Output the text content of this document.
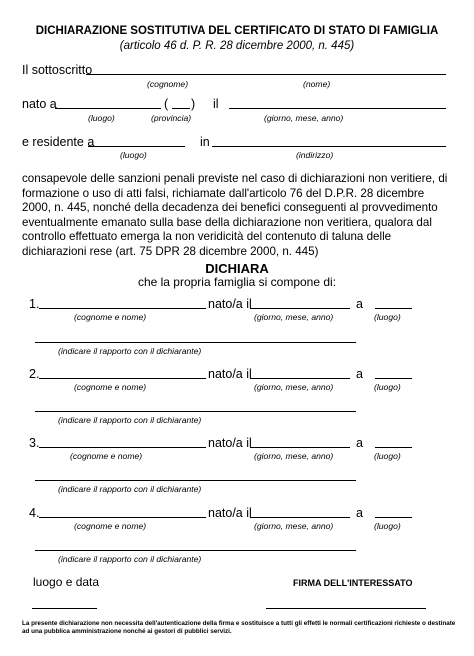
DICHIARAZIONE SOSTITUTIVA DEL CERTIFICATO DI STATO DI FAMIGLIA
(articolo 46 d. P. R. 28 dicembre 2000, n. 445)
Il sottoscritto
(cognome)	(nome)
nato a	( ) il
(luogo)	(provincia)	(giorno, mese, anno)
e residente a	in
(luogo)	(indirizzo)
consapevole delle sanzioni penali previste nel caso di dichiarazioni non veritiere, di formazione o uso di atti falsi, richiamate dall'articolo 76 del D.P.R. 28 dicembre 2000, n. 445, nonché della decadenza dei benefici conseguenti al provvedimento eventualmente emanato sulla base della dichiarazione non veritiera, qualora dal controllo effettuato emerga la non veridicità del contenuto di taluna delle dichiarazioni rese (art. 75 DPR 28 dicembre 2000, n. 445)
DICHIARA
che la propria famiglia si compone di:
1.	nato/a il	a
(cognome e nome)	(giorno, mese, anno)	(luogo)
(indicare il rapporto con il dichiarante)
2.	nato/a il	a
(cognome e nome)	(giorno, mese, anno)	(luogo)
(indicare il rapporto con il dichiarante)
3.	nato/a il	a
(cognome e nome)	(giorno, mese, anno)	(luogo)
(indicare il rapporto con il dichiarante)
4.	nato/a il	a
(cognome e nome)	(giorno, mese, anno)	(luogo)
(indicare il rapporto con il dichiarante)
luogo e data	FIRMA DELL'INTERESSATO
La presente dichiarazione non necessita dell'autenticazione della firma e sostituisce a tutti gli effetti le normali certificazioni richieste o destinate ad una pubblica amministrazione nonché ai gestori di pubblici servizi.
